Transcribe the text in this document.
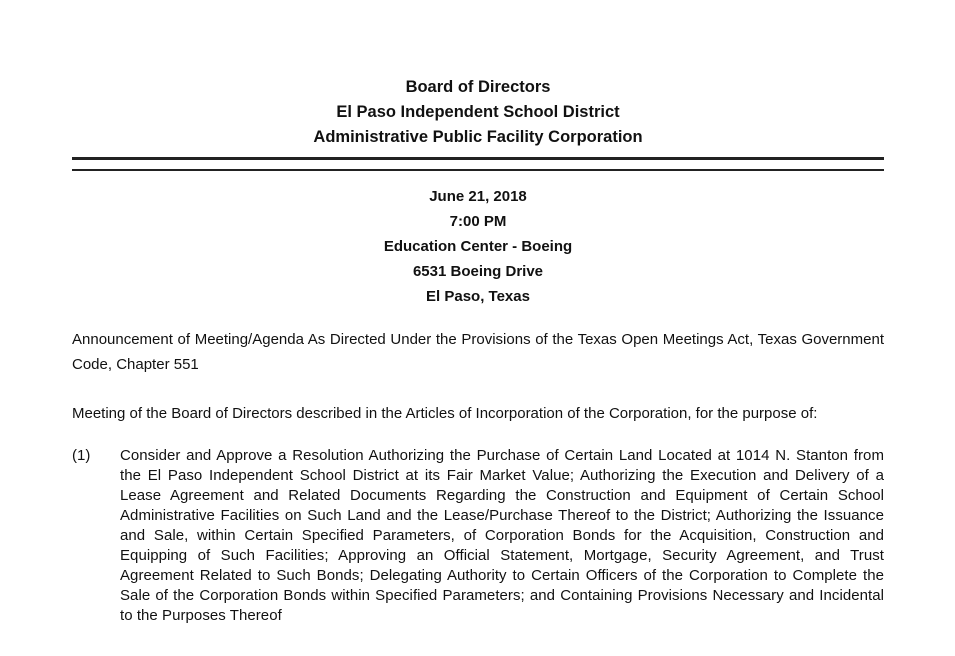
Board of Directors
El Paso Independent School District
Administrative Public Facility Corporation
June 21, 2018
7:00 PM
Education Center - Boeing
6531 Boeing Drive
El Paso, Texas
Announcement of Meeting/Agenda As Directed Under the Provisions of the Texas Open Meetings Act, Texas Government Code, Chapter 551
Meeting of the Board of Directors described in the Articles of Incorporation of the Corporation, for the purpose of:
(1) Consider and Approve a Resolution Authorizing the Purchase of Certain Land Located at 1014 N. Stanton from the El Paso Independent School District at its Fair Market Value; Authorizing the Execution and Delivery of a Lease Agreement and Related Documents Regarding the Construction and Equipment of Certain School Administrative Facilities on Such Land and the Lease/Purchase Thereof to the District; Authorizing the Issuance and Sale, within Certain Specified Parameters, of Corporation Bonds for the Acquisition, Construction and Equipping of Such Facilities; Approving an Official Statement, Mortgage, Security Agreement, and Trust Agreement Related to Such Bonds; Delegating Authority to Certain Officers of the Corporation to Complete the Sale of the Corporation Bonds within Specified Parameters; and Containing Provisions Necessary and Incidental to the Purposes Thereof
